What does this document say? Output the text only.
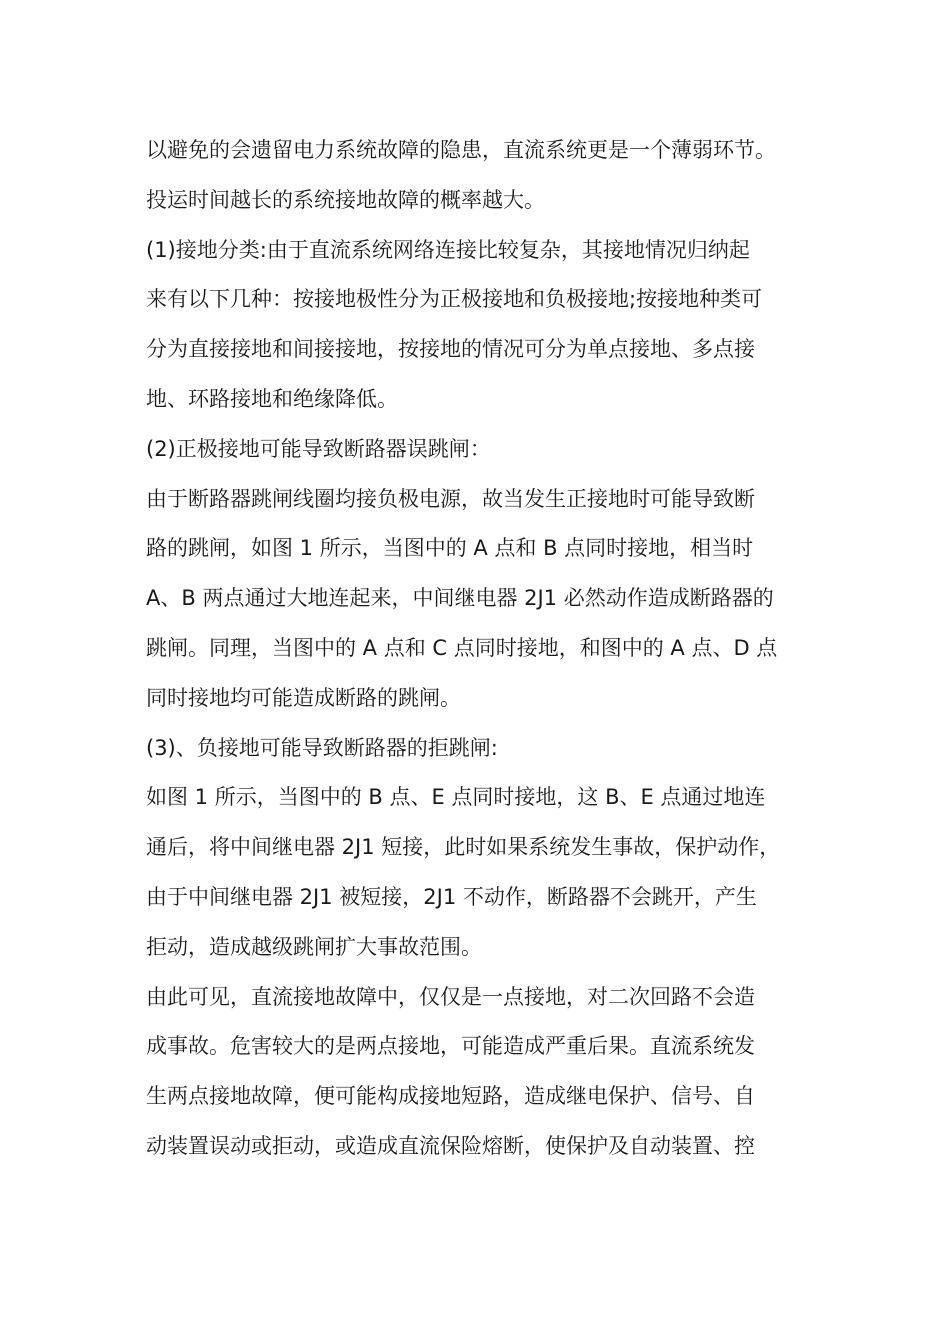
以避免的会遗留电力系统故障的隐患，直流系统更是一个薄弱环节。
投运时间越长的系统接地故障的概率越大。
(1)接地分类:由于直流系统网络连接比较复杂，其接地情况归纳起
来有以下几种：按接地极性分为正极接地和负极接地;按接地种类可
分为直接接地和间接接地，按接地的情况可分为单点接地、多点接
地、环路接地和绝缘降低。
(2)正极接地可能导致断路器误跳闸：
由于断路器跳闸线圈均接负极电源，故当发生正接地时可能导致断
路的跳闸，如图 1 所示，当图中的 A 点和 B 点同时接地，相当时
A、B 两点通过大地连起来，中间继电器 2J1 必然动作造成断路器的
跳闸。同理，当图中的 A 点和 C 点同时接地，和图中的 A 点、D 点
同时接地均可能造成断路的跳闸。
(3)、负接地可能导致断路器的拒跳闸:
如图 1 所示，当图中的 B 点、E 点同时接地，这 B、E 点通过地连
通后，将中间继电器 2J1 短接，此时如果系统发生事故，保护动作，
由于中间继电器 2J1 被短接，2J1 不动作，断路器不会跳开，产生
拒动，造成越级跳闸扩大事故范围。
由此可见，直流接地故障中，仅仅是一点接地，对二次回路不会造
成事故。危害较大的是两点接地，可能造成严重后果。直流系统发
生两点接地故障，便可能构成接地短路，造成继电保护、信号、自
动装置误动或拒动，或造成直流保险熔断，使保护及自动装置、控
